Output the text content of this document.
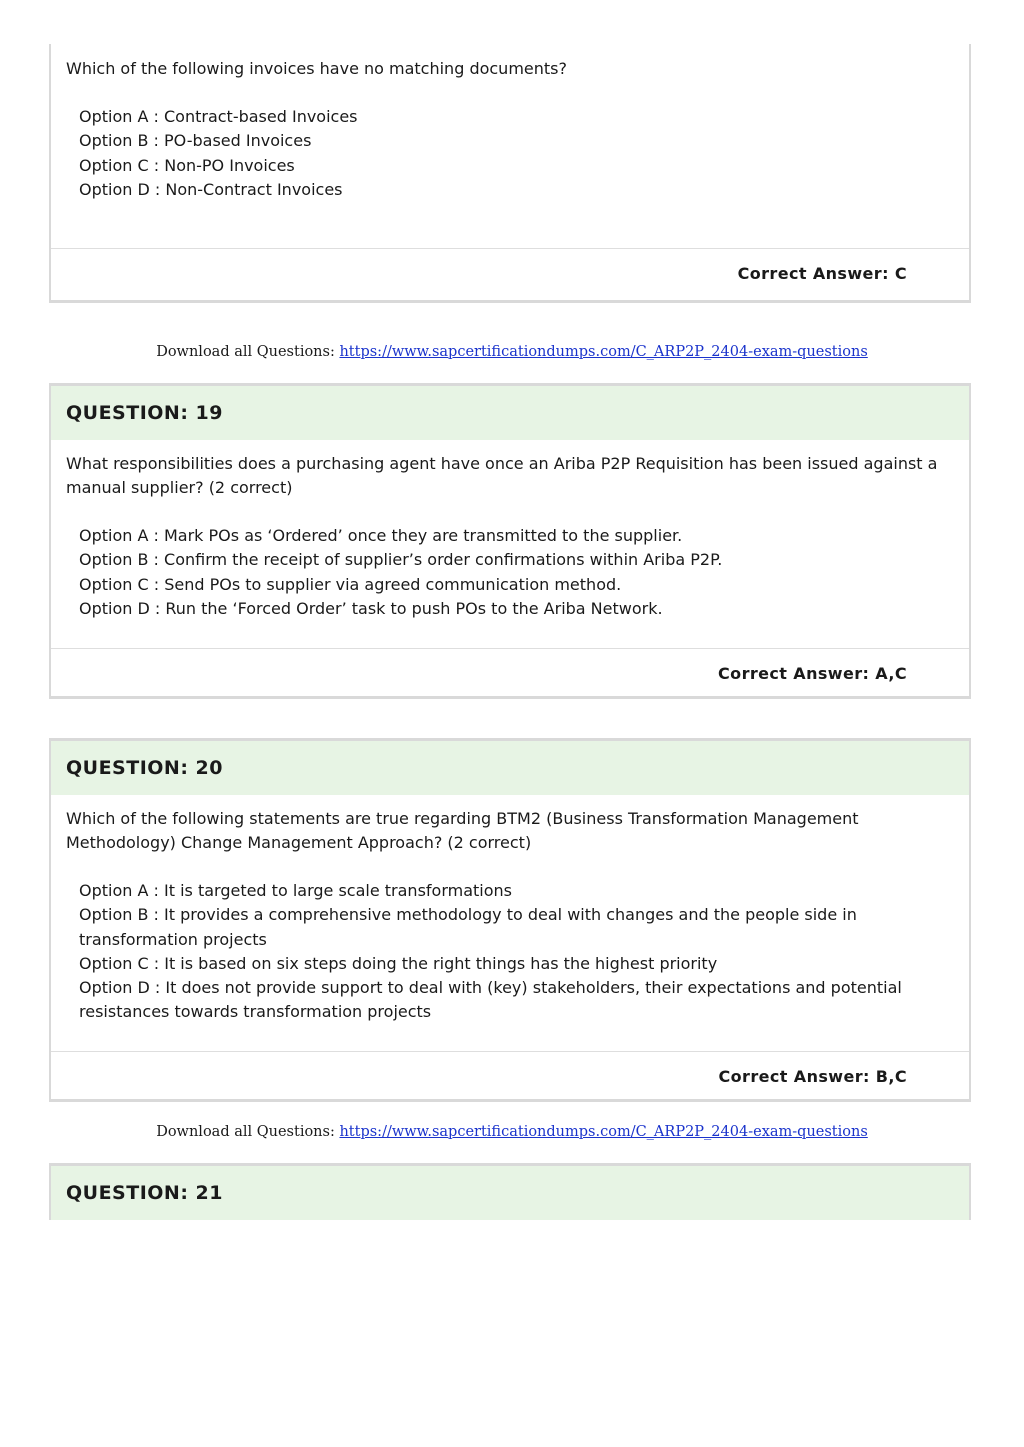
Which of the following invoices have no matching documents?

Option A : Contract-based Invoices
Option B : PO-based Invoices
Option C : Non-PO Invoices
Option D : Non-Contract Invoices
Correct Answer: C
Download all Questions: https://www.sapcertificationdumps.com/C_ARP2P_2404-exam-questions
QUESTION: 19

What responsibilities does a purchasing agent have once an Ariba P2P Requisition has been issued against a manual supplier? (2 correct)

Option A : Mark POs as ‘Ordered’ once they are transmitted to the supplier.
Option B : Confirm the receipt of supplier’s order confirmations within Ariba P2P.
Option C : Send POs to supplier via agreed communication method.
Option D : Run the ‘Forced Order’ task to push POs to the Ariba Network.
Correct Answer: A,C
QUESTION: 20

Which of the following statements are true regarding BTM2 (Business Transformation Management Methodology) Change Management Approach? (2 correct)

Option A : It is targeted to large scale transformations
Option B : It provides a comprehensive methodology to deal with changes and the people side in transformation projects
Option C : It is based on six steps doing the right things has the highest priority
Option D : It does not provide support to deal with (key) stakeholders, their expectations and potential resistances towards transformation projects
Correct Answer: B,C
Download all Questions: https://www.sapcertificationdumps.com/C_ARP2P_2404-exam-questions
QUESTION: 21
